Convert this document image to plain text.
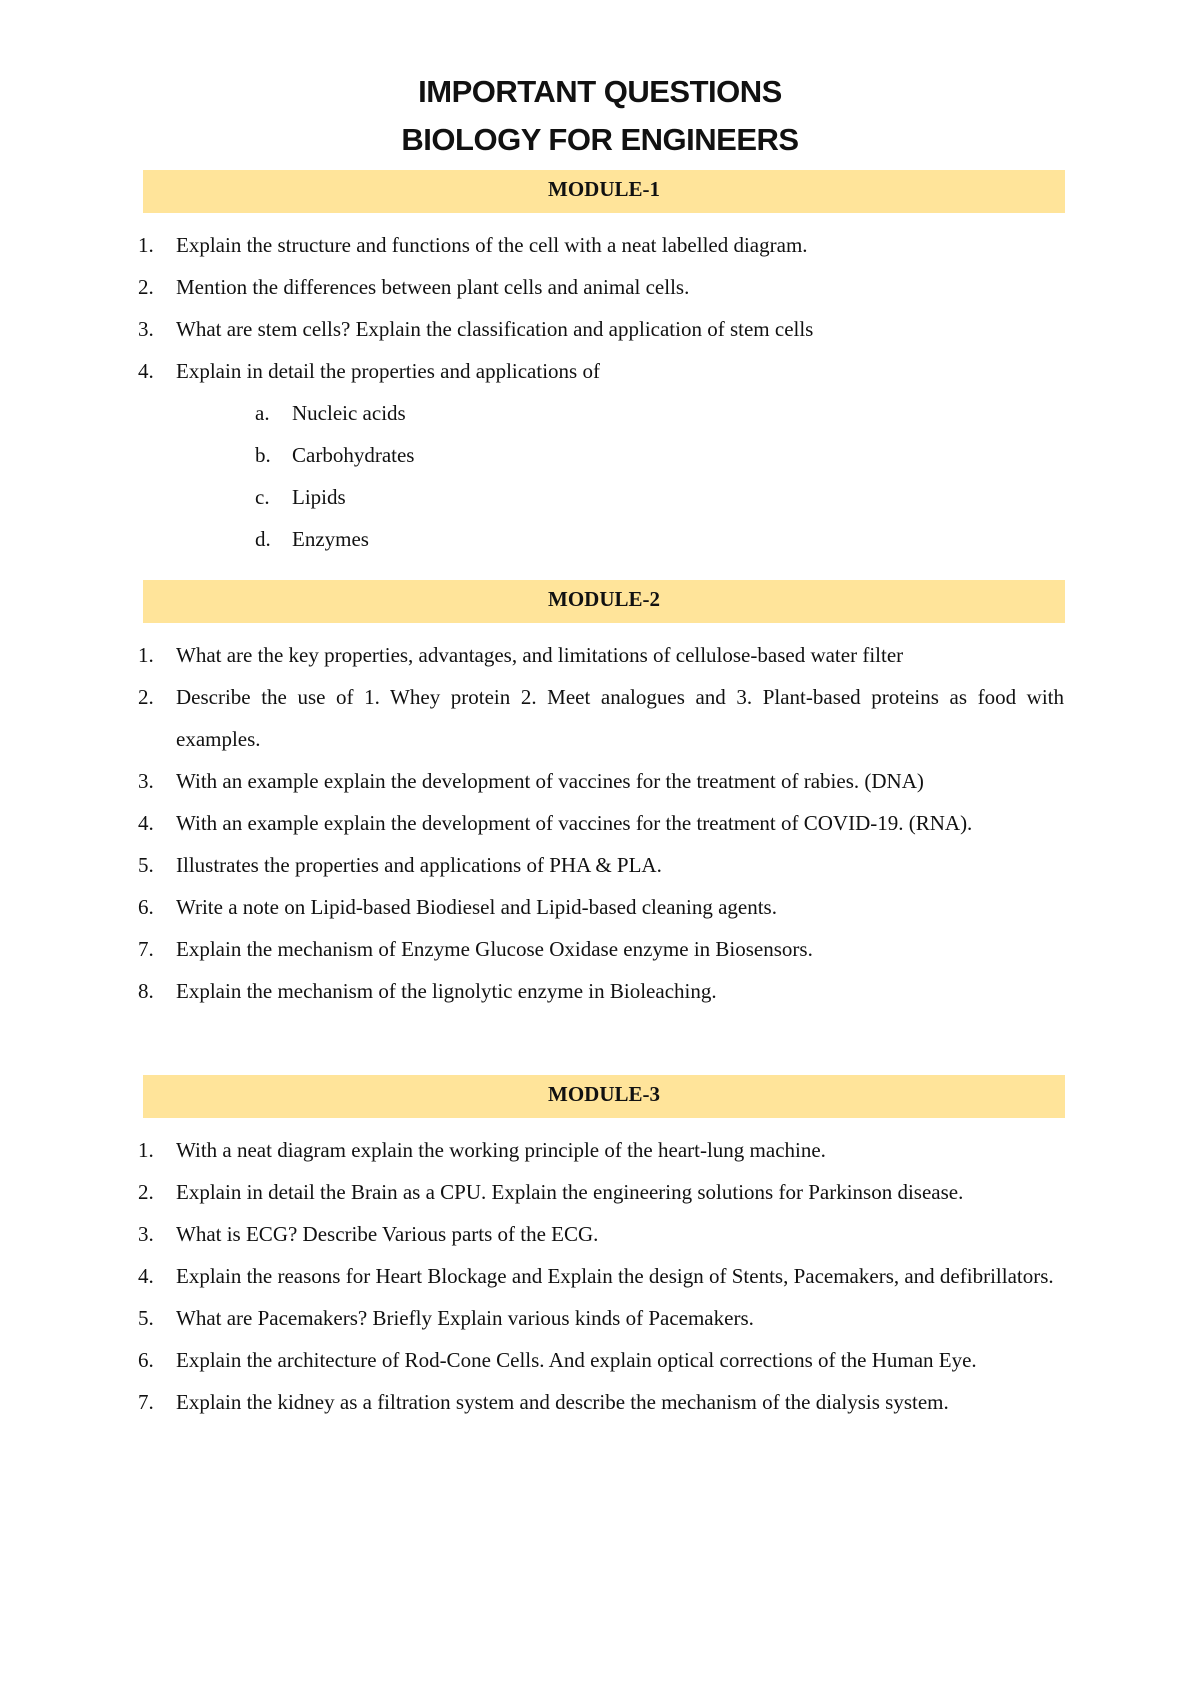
IMPORTANT QUESTIONS
BIOLOGY FOR ENGINEERS
MODULE-1
1. Explain the structure and functions of the cell with a neat labelled diagram.
2. Mention the differences between plant cells and animal cells.
3. What are stem cells? Explain the classification and application of stem cells
4. Explain in detail the properties and applications of
a. Nucleic acids
b. Carbohydrates
c. Lipids
d. Enzymes
MODULE-2
1. What are the key properties, advantages, and limitations of cellulose-based water filter
2. Describe the use of 1. Whey protein 2. Meet analogues and 3. Plant-based proteins as food with examples.
3. With an example explain the development of vaccines for the treatment of rabies. (DNA)
4. With an example explain the development of vaccines for the treatment of COVID-19. (RNA).
5. Illustrates the properties and applications of PHA & PLA.
6. Write a note on Lipid-based Biodiesel and Lipid-based cleaning agents.
7. Explain the mechanism of Enzyme Glucose Oxidase enzyme in Biosensors.
8. Explain the mechanism of the lignolytic enzyme in Bioleaching.
MODULE-3
1. With a neat diagram explain the working principle of the heart-lung machine.
2. Explain in detail the Brain as a CPU. Explain the engineering solutions for Parkinson disease.
3. What is ECG? Describe Various parts of the ECG.
4. Explain the reasons for Heart Blockage and Explain the design of Stents, Pacemakers, and defibrillators.
5. What are Pacemakers? Briefly Explain various kinds of Pacemakers.
6. Explain the architecture of Rod-Cone Cells. And explain optical corrections of the Human Eye.
7. Explain the kidney as a filtration system and describe the mechanism of the dialysis system.
